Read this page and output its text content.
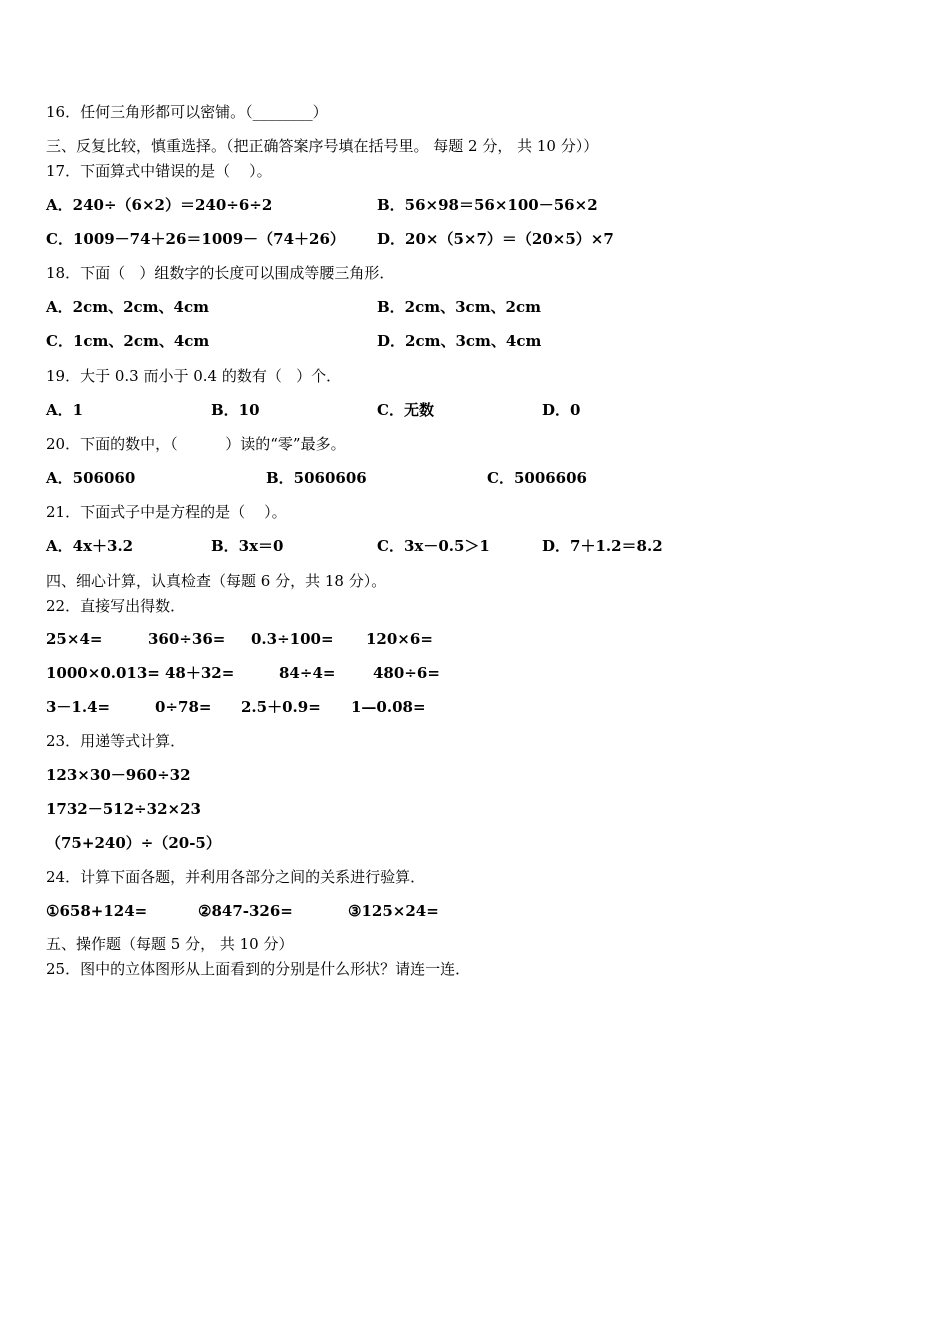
16．任何三角形都可以密铺。（________）
三、反复比较，慎重选择。（把正确答案序号填在括号里。 每题 2 分， 共 10 分））
17．下面算式中错误的是（    ）。
A．240÷（6×2）＝240÷6÷2	B．56×98＝56×100－56×2
C．1009－74＋26＝1009－（74＋26） D．20×（5×7）＝（20×5）×7
18．下面（   ）组数字的长度可以围成等腰三角形．
A．2cm、2cm、4cm	B．2cm、3cm、2cm
C．1cm、2cm、4cm	D．2cm、3cm、4cm
19．大于 0.3 而小于 0.4 的数有（   ）个．
A．1	B．10	C．无数	D．0
20．下面的数中，（          ）读的“零”最多。
A．506060	B．5060606	C．5006606
21．下面式子中是方程的是（    ）。
A．4x＋3.2	B．3x＝0	C．3x－0.5＞1	D．7＋1.2＝8.2
四、细心计算，认真检查（每题 6 分，共 18 分）。
22．直接写出得数．
25×4=	360÷36= 0.3÷100= 120×6=
1000×0.013= 48＋32=	84÷4=	480÷6=
3－1.4=	0÷78= 2.5＋0.9= 1—0.08=
23．用递等式计算．
123×30－960÷32
1732－512÷32×23
（75+240）÷（20-5）
24．计算下面各题，并利用各部分之间的关系进行验算．
①658+124=	②847-326=	③125×24=
五、操作题（每题 5 分， 共 10 分）
25．图中的立体图形从上面看到的分别是什么形状？请连一连．
